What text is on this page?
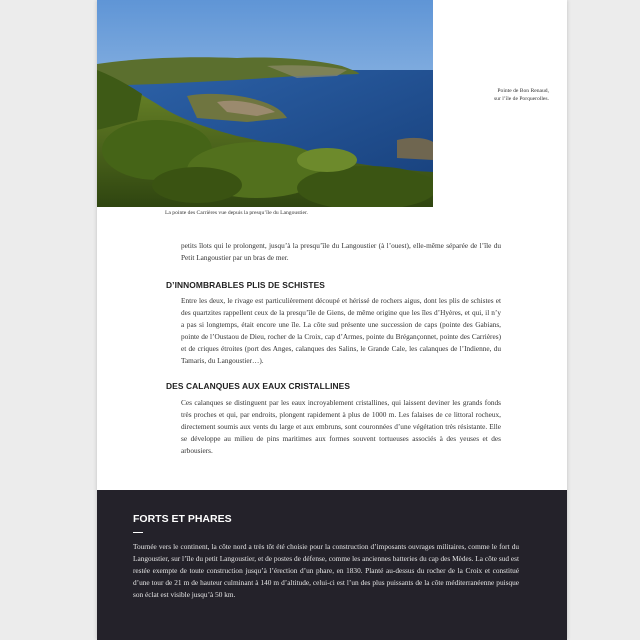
La pointe des Carrières vue depuis la presqu’île du Langoustier.
Pointe de Bon Renaud,
sur l’île de Porquerolles.

petits îlots qui le prolongent, jusqu’à la presqu’île du Langoustier (à l’ouest), elle-même séparée de l’île du Petit Langoustier par un bras de mer.

D’INNOMBRABLES PLIS DE SCHISTES

Entre les deux, le rivage est particulièrement découpé et hérissé de rochers aigus, dont les plis de schistes et des quartzites rappellent ceux de la presqu’île de Giens, de même origine que les îles d’Hyères, et qui, il n’y a pas si longtemps, était encore une île. La côte sud présente une succession de caps (pointe des Gabians, pointe de l’Oustaou de Dieu, rocher de la Croix, cap d’Armes, pointe du Brégançonnet, pointe des Carrières) et de criques étroites (port des Anges, calanques des Salins, le Grande Cale, les calanques de l’Indienne, du Tamaris, du Langoustier…).

DES CALANQUES AUX EAUX CRISTALLINES

Ces calanques se distinguent par les eaux incroyablement cristallines, qui laissent deviner les grands fonds très proches et qui, par endroits, plongent rapidement à plus de 1000 m. Les falaises de ce littoral rocheux, directement soumis aux vents du large et aux embruns, sont couronnées d’une végétation très résistante. Elle se développe au milieu de pins maritimes aux formes souvent tortueuses associés à des yeuses et des arbousiers.

FORTS ET PHARES

Tournée vers le continent, la côte nord a très tôt été choisie pour la construction d’imposants ouvrages militaires, comme le fort du Langoustier, sur l’île du petit Langoustier, et de postes de défense, comme les anciennes batteries du cap des Mèdes. La côte sud est restée exempte de toute construction jusqu’à l’érection d’un phare, en 1830. Planté au-dessus du rocher de la Croix et constitué d’une tour de 21 m de hauteur culminant à 140 m d’altitude, celui-ci est l’un des plus puissants de la côte méditerranéenne puisque son éclat est visible jusqu’à 50 km.
